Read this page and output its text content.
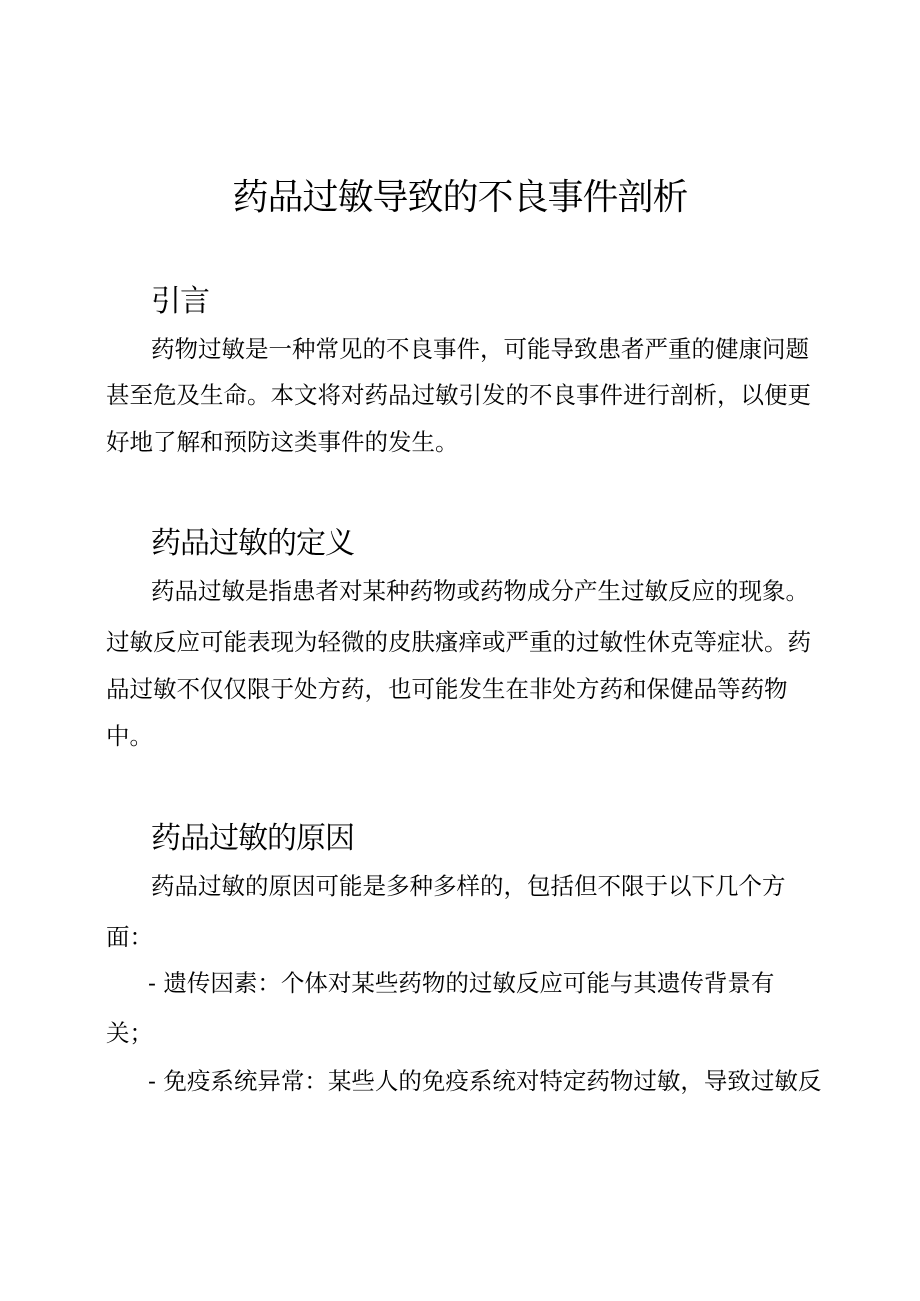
药品过敏导致的不良事件剖析
引言
药物过敏是一种常见的不良事件，可能导致患者严重的健康问题
甚至危及生命。本文将对药品过敏引发的不良事件进行剖析，以便更
好地了解和预防这类事件的发生。
药品过敏的定义
药品过敏是指患者对某种药物或药物成分产生过敏反应的现象。
过敏反应可能表现为轻微的皮肤瘙痒或严重的过敏性休克等症状。药
品过敏不仅仅限于处方药，也可能发生在非处方药和保健品等药物
中。
药品过敏的原因
药品过敏的原因可能是多种多样的，包括但不限于以下几个方
面：
- 遗传因素：个体对某些药物的过敏反应可能与其遗传背景有
关；
- 免疫系统异常：某些人的免疫系统对特定药物过敏，导致过敏反
